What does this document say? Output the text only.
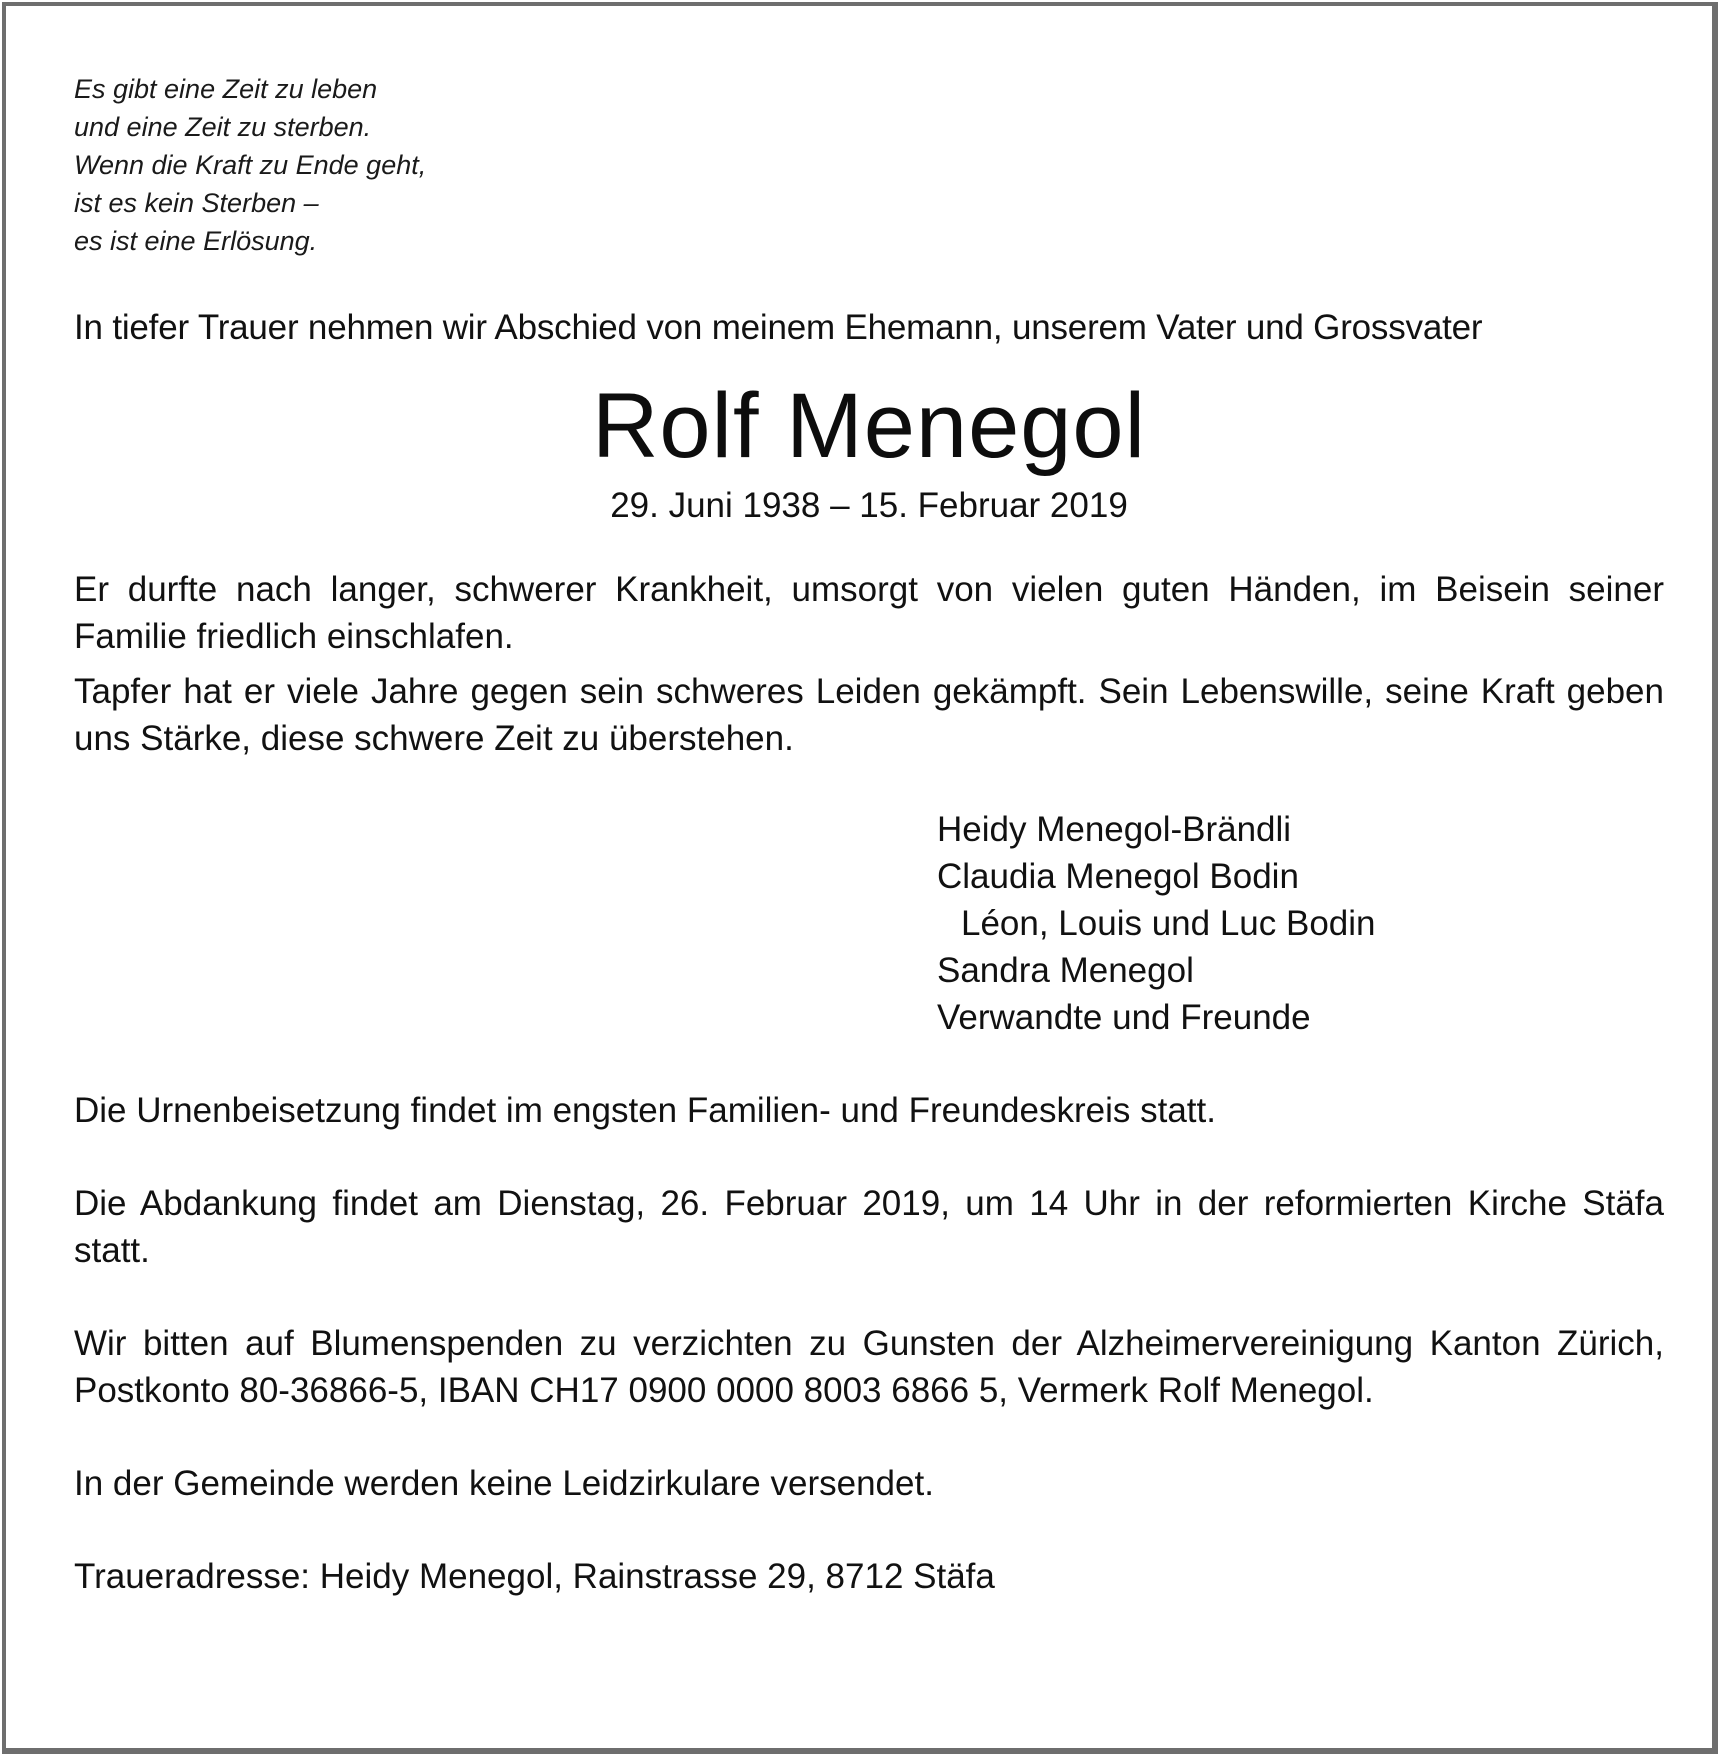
Es gibt eine Zeit zu leben
und eine Zeit zu sterben.
Wenn die Kraft zu Ende geht,
ist es kein Sterben –
es ist eine Erlösung.
In tiefer Trauer nehmen wir Abschied von meinem Ehemann, unserem Vater und Grossvater
Rolf Menegol
29. Juni 1938 – 15. Februar 2019
Er durfte nach langer, schwerer Krankheit, umsorgt von vielen guten Händen, im Beisein seiner Familie friedlich einschlafen.
Tapfer hat er viele Jahre gegen sein schweres Leiden gekämpft. Sein Lebenswille, seine Kraft geben uns Stärke, diese schwere Zeit zu überstehen.
Heidy Menegol-Brändli
Claudia Menegol Bodin
Léon, Louis und Luc Bodin
Sandra Menegol
Verwandte und Freunde
Die Urnenbeisetzung findet im engsten Familien- und Freundeskreis statt.
Die Abdankung findet am Dienstag, 26. Februar 2019, um 14 Uhr in der reformierten Kirche Stäfa statt.
Wir bitten auf Blumenspenden zu verzichten zu Gunsten der Alzheimervereinigung Kanton Zürich, Postkonto 80-36866-5, IBAN CH17 0900 0000 8003 6866 5, Vermerk Rolf Menegol.
In der Gemeinde werden keine Leidzirkulare versendet.
Traueradresse: Heidy Menegol, Rainstrasse 29, 8712 Stäfa
